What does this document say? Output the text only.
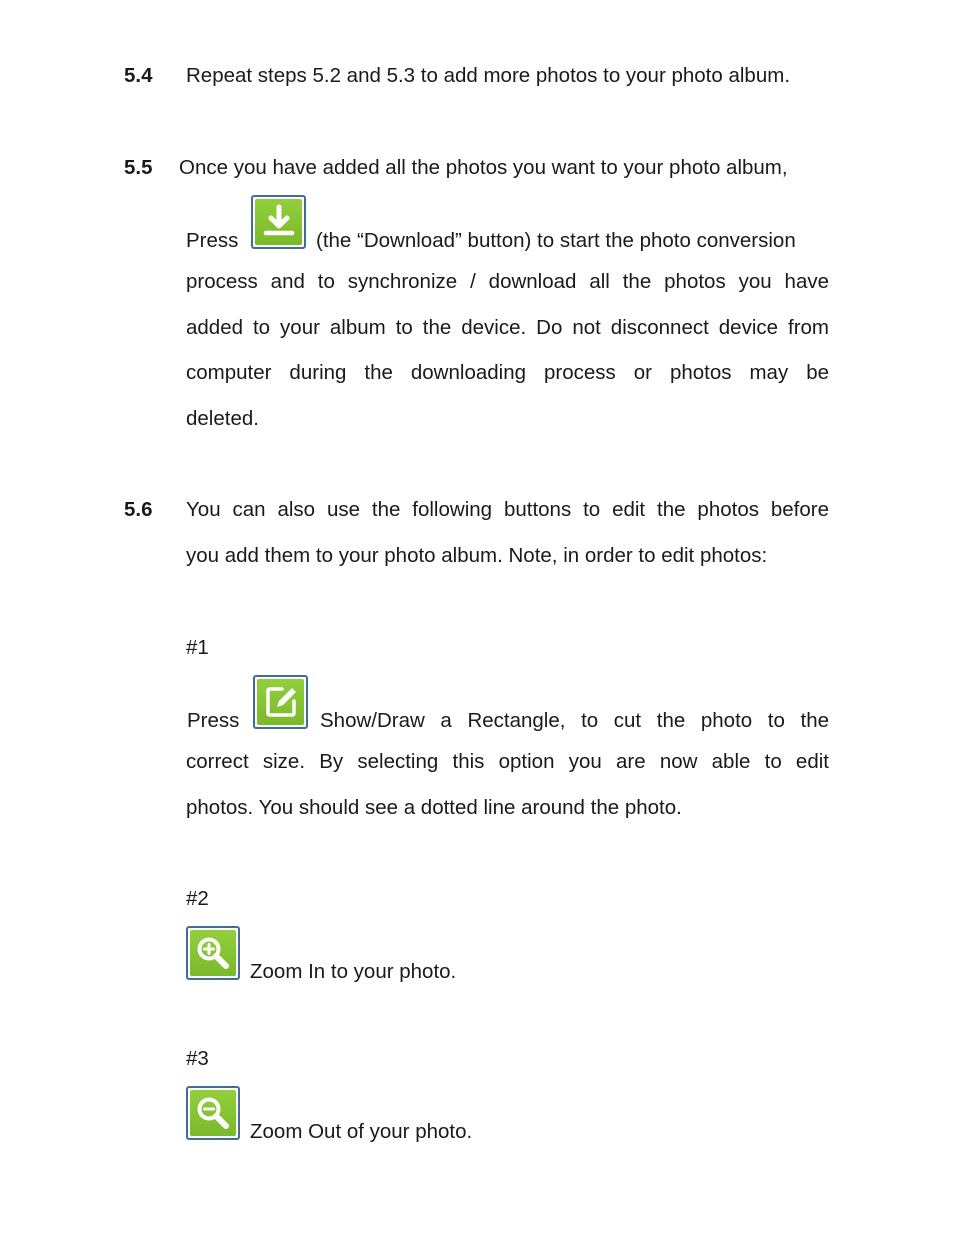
5.4 Repeat steps 5.2 and 5.3 to add more photos to your photo album.
5.5 Once you have added all the photos you want to your photo album,
Press	(the “Download” button) to start the photo conversion
process and to synchronize / download all the photos you have
added to your album to the device. Do not disconnect device from
computer during the downloading process or photos may be
deleted.
5.6 You can also use the following buttons to edit the photos before
you add them to your photo album. Note, in order to edit photos:
#1
Press	Show/Draw a Rectangle, to cut the photo to the
correct size. By selecting this option you are now able to edit
photos. You should see a dotted line around the photo.
#2
Zoom In to your photo.
#3
Zoom Out of your photo.
